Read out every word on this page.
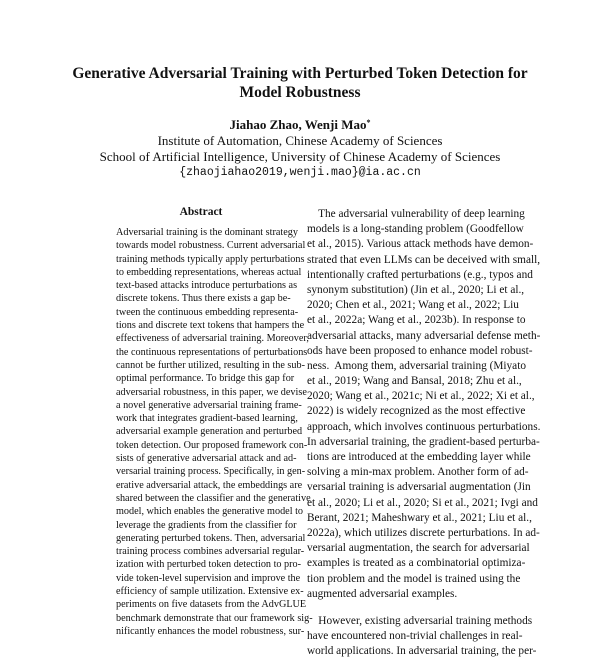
Generative Adversarial Training with Perturbed Token Detection for
Model Robustness
Jiahao Zhao, Wenji Mao*
Institute of Automation, Chinese Academy of Sciences
School of Artificial Intelligence, University of Chinese Academy of Sciences
{zhaojiahao2019,wenji.mao}@ia.ac.cn
Abstract
Adversarial training is the dominant strategy
towards model robustness. Current adversarial
training methods typically apply perturbations
to embedding representations, whereas actual
text-based attacks introduce perturbations as
discrete tokens. Thus there exists a gap be-
tween the continuous embedding representa-
tions and discrete text tokens that hampers the
effectiveness of adversarial training. Moreover,
the continuous representations of perturbations
cannot be further utilized, resulting in the sub-
optimal performance. To bridge this gap for
adversarial robustness, in this paper, we devise
a novel generative adversarial training frame-
work that integrates gradient-based learning,
adversarial example generation and perturbed
token detection. Our proposed framework con-
sists of generative adversarial attack and ad-
versarial training process. Specifically, in gen-
erative adversarial attack, the embeddings are
shared between the classifier and the generative
model, which enables the generative model to
leverage the gradients from the classifier for
generating perturbed tokens. Then, adversarial
training process combines adversarial regular-
ization with perturbed token detection to pro-
vide token-level supervision and improve the
efficiency of sample utilization. Extensive ex-
periments on five datasets from the AdvGLUE
benchmark demonstrate that our framework sig-
nificantly enhances the model robustness, sur-
The adversarial vulnerability of deep learning
models is a long-standing problem (Goodfellow
et al., 2015). Various attack methods have demon-
strated that even LLMs can be deceived with small,
intentionally crafted perturbations (e.g., typos and
synonym substitution) (Jin et al., 2020; Li et al.,
2020; Chen et al., 2021; Wang et al., 2022; Liu
et al., 2022a; Wang et al., 2023b). In response to
adversarial attacks, many adversarial defense meth-
ods have been proposed to enhance model robust-
ness.  Among them, adversarial training (Miyato
et al., 2019; Wang and Bansal, 2018; Zhu et al.,
2020; Wang et al., 2021c; Ni et al., 2022; Xi et al.,
2022) is widely recognized as the most effective
approach, which involves continuous perturbations.
In adversarial training, the gradient-based perturba-
tions are introduced at the embedding layer while
solving a min-max problem. Another form of ad-
versarial training is adversarial augmentation (Jin
et al., 2020; Li et al., 2020; Si et al., 2021; Ivgi and
Berant, 2021; Maheshwary et al., 2021; Liu et al.,
2022a), which utilizes discrete perturbations. In ad-
versarial augmentation, the search for adversarial
examples is treated as a combinatorial optimiza-
tion problem and the model is trained using the
augmented adversarial examples.
However, existing adversarial training methods
have encountered non-trivial challenges in real-
world applications. In adversarial training, the per-
